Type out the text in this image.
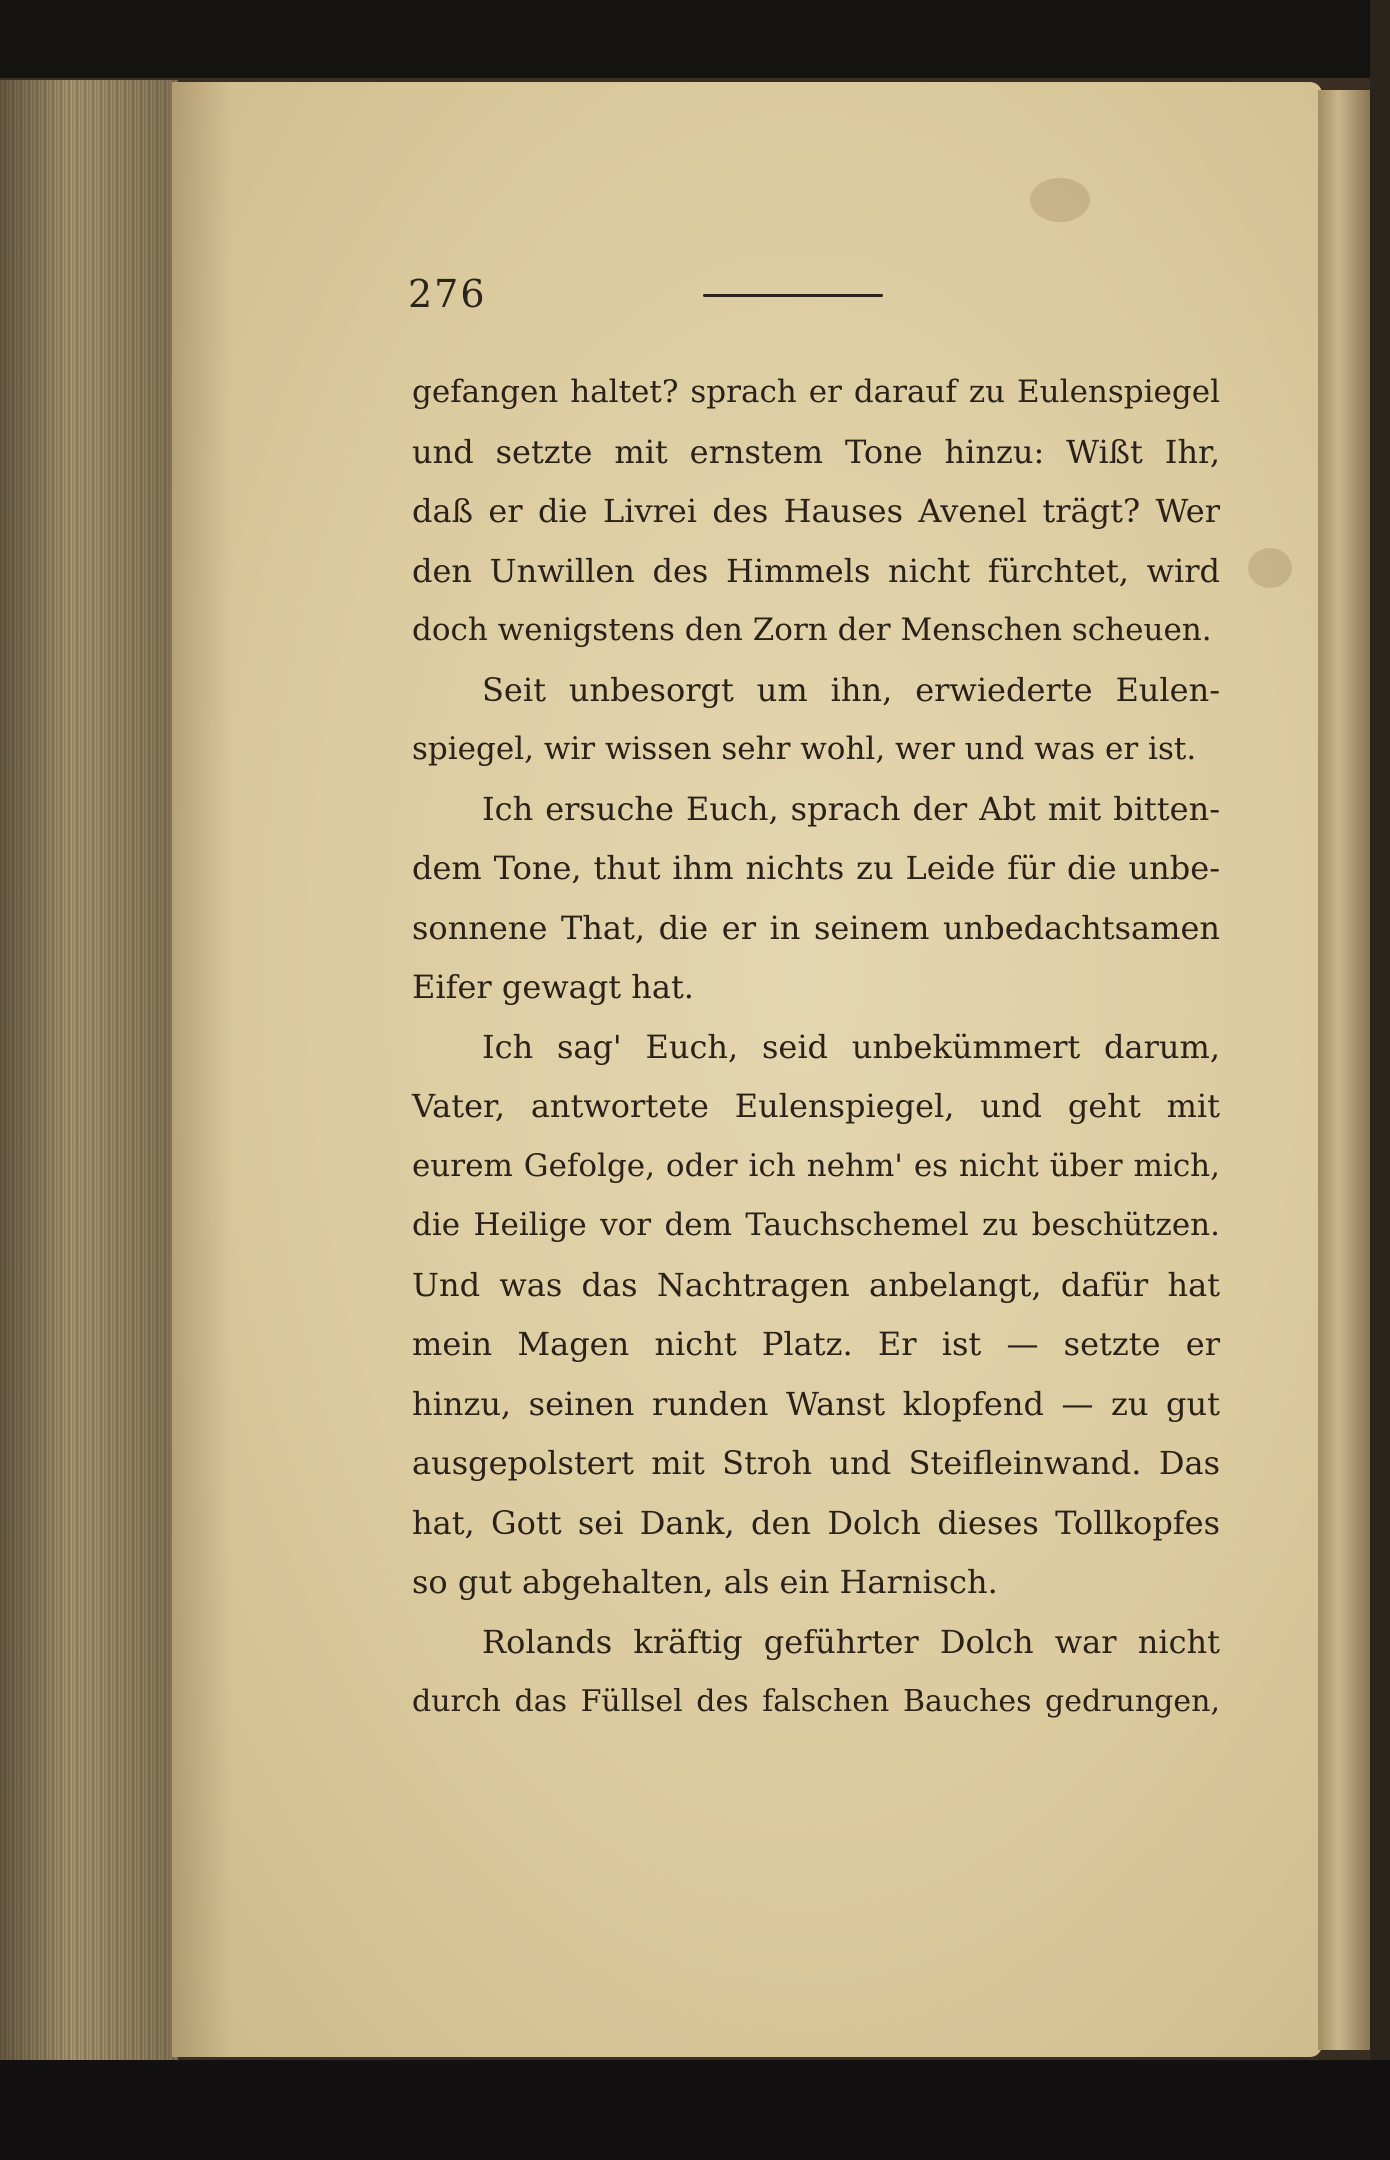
276
gefangen haltet? sprach er darauf zu Eulenspiegel
und setzte mit ernstem Tone hinzu: Wißt Ihr,
daß er die Livrei des Hauses Avenel trägt? Wer
den Unwillen des Himmels nicht fürchtet, wird
doch wenigstens den Zorn der Menschen scheuen.
Seit unbesorgt um ihn, erwiederte Eulen-
spiegel, wir wissen sehr wohl, wer und was er ist.
Ich ersuche Euch, sprach der Abt mit bitten-
dem Tone, thut ihm nichts zu Leide für die unbe-
sonnene That, die er in seinem unbedachtsamen
Eifer gewagt hat.
Ich sag' Euch, seid unbekümmert darum,
Vater, antwortete Eulenspiegel, und geht mit
eurem Gefolge, oder ich nehm' es nicht über mich,
die Heilige vor dem Tauchschemel zu beschützen.
Und was das Nachtragen anbelangt, dafür hat
mein Magen nicht Platz. Er ist — setzte er
hinzu, seinen runden Wanst klopfend — zu gut
ausgepolstert mit Stroh und Steifleinwand. Das
hat, Gott sei Dank, den Dolch dieses Tollkopfes
so gut abgehalten, als ein Harnisch.
Rolands kräftig geführter Dolch war nicht
durch das Füllsel des falschen Bauches gedrungen,
